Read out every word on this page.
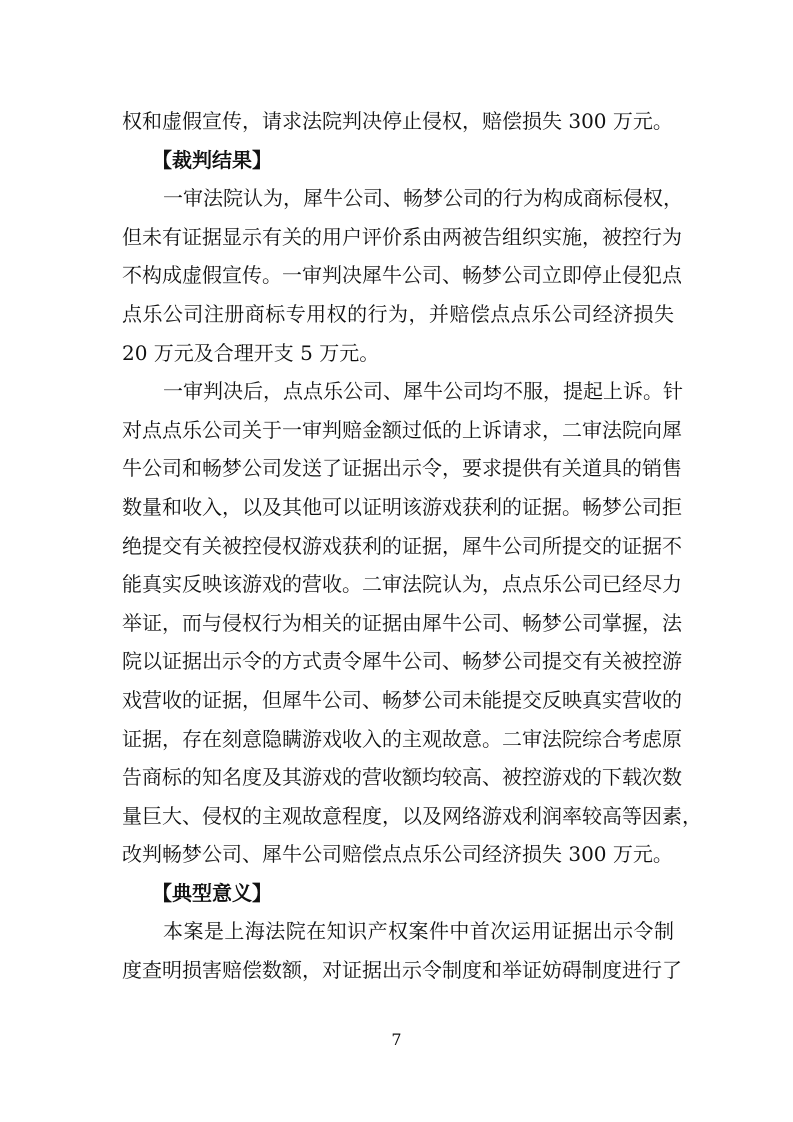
权和虚假宣传，请求法院判决停止侵权，赔偿损失 300 万元。
【裁判结果】
一审法院认为，犀牛公司、畅梦公司的行为构成商标侵权，
但未有证据显示有关的用户评价系由两被告组织实施，被控行为
不构成虚假宣传。一审判决犀牛公司、畅梦公司立即停止侵犯点
点乐公司注册商标专用权的行为，并赔偿点点乐公司经济损失
20 万元及合理开支 5 万元。
一审判决后，点点乐公司、犀牛公司均不服，提起上诉。针
对点点乐公司关于一审判赔金额过低的上诉请求，二审法院向犀
牛公司和畅梦公司发送了证据出示令，要求提供有关道具的销售
数量和收入，以及其他可以证明该游戏获利的证据。畅梦公司拒
绝提交有关被控侵权游戏获利的证据，犀牛公司所提交的证据不
能真实反映该游戏的营收。二审法院认为，点点乐公司已经尽力
举证，而与侵权行为相关的证据由犀牛公司、畅梦公司掌握，法
院以证据出示令的方式责令犀牛公司、畅梦公司提交有关被控游
戏营收的证据，但犀牛公司、畅梦公司未能提交反映真实营收的
证据，存在刻意隐瞒游戏收入的主观故意。二审法院综合考虑原
告商标的知名度及其游戏的营收额均较高、被控游戏的下载次数
量巨大、侵权的主观故意程度，以及网络游戏利润率较高等因素，
改判畅梦公司、犀牛公司赔偿点点乐公司经济损失 300 万元。
【典型意义】
本案是上海法院在知识产权案件中首次运用证据出示令制
度查明损害赔偿数额，对证据出示令制度和举证妨碍制度进行了
7
